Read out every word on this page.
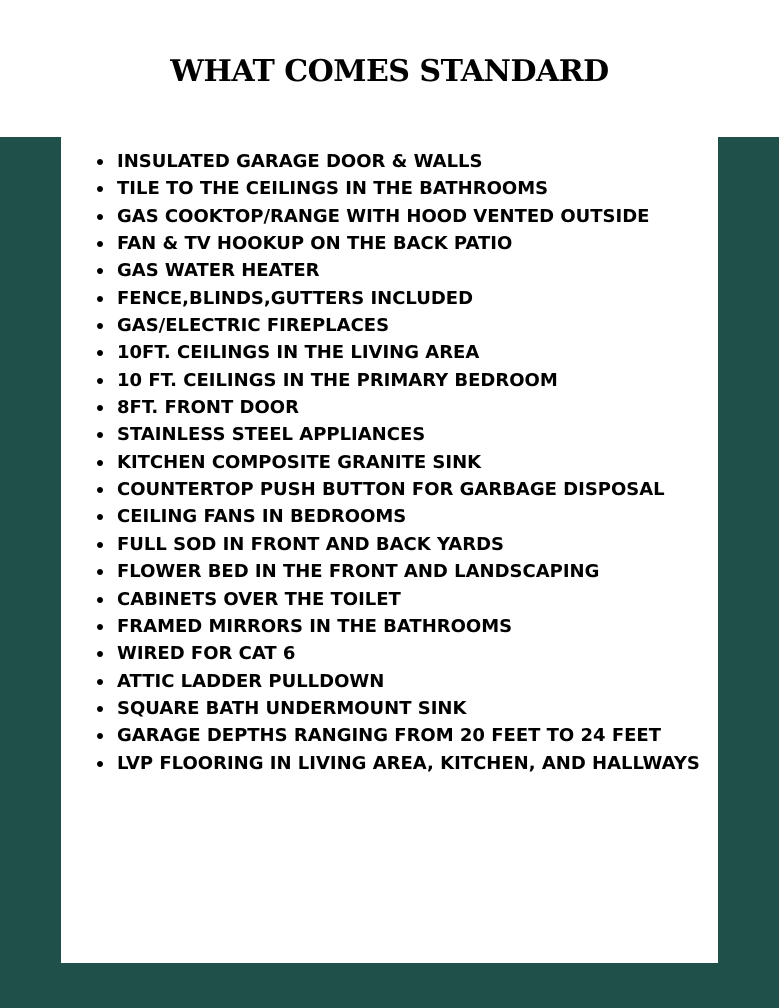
WHAT COMES STANDARD
INSULATED GARAGE DOOR & WALLS
TILE TO THE CEILINGS IN THE BATHROOMS
GAS COOKTOP/RANGE WITH HOOD VENTED OUTSIDE
FAN & TV HOOKUP ON THE BACK PATIO
GAS WATER HEATER
FENCE,BLINDS,GUTTERS INCLUDED
GAS/ELECTRIC FIREPLACES
10FT. CEILINGS IN THE LIVING AREA
10 FT. CEILINGS IN THE PRIMARY BEDROOM
8FT. FRONT DOOR
STAINLESS STEEL APPLIANCES
KITCHEN COMPOSITE GRANITE SINK
COUNTERTOP PUSH BUTTON FOR GARBAGE DISPOSAL
CEILING FANS IN BEDROOMS
FULL SOD IN FRONT AND BACK YARDS
FLOWER BED IN THE FRONT AND LANDSCAPING
CABINETS OVER THE TOILET
FRAMED MIRRORS IN THE BATHROOMS
WIRED FOR CAT 6
ATTIC LADDER PULLDOWN
SQUARE BATH UNDERMOUNT SINK
GARAGE DEPTHS RANGING FROM 20 FEET TO 24 FEET
LVP FLOORING IN LIVING AREA, KITCHEN, AND HALLWAYS
